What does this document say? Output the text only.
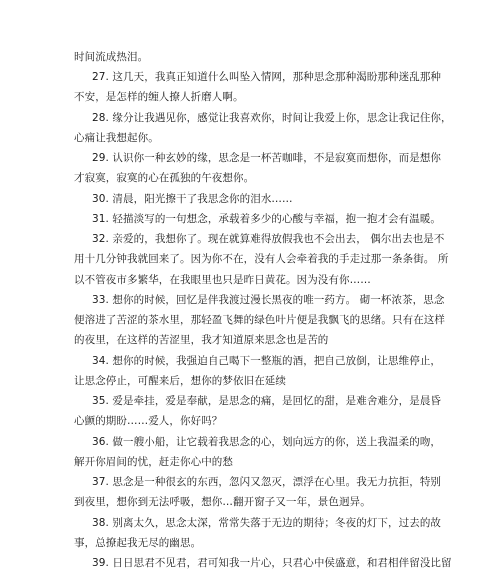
时间流成热泪。
27. 这几天，我真正知道什么叫坠入情网，那种思念那种渴盼那种迷乱那种
不安，是怎样的缠人撩人折磨人啊。
28. 缘分让我遇见你，感觉让我喜欢你，时间让我爱上你，思念让我记住你，
心痛让我想起你。
29. 认识你一种玄妙的缘，思念是一杯苦咖啡，不是寂寞而想你，而是想你
才寂寞，寂寞的心在孤独的午夜想你。
30. 清晨，阳光擦干了我思念你的泪水……
31. 轻描淡写的一句想念，承载着多少的心酸与幸福，抱一抱才会有温暖。
32. 亲爱的，我想你了。现在就算难得放假我也不会出去， 偶尔出去也是不
用十几分钟我就回来了。因为你不在，没有人会牵着我的手走过那一条条街。 所
以不管夜市多繁华，在我眼里也只是昨日黄花。因为没有你……
33. 想你的时候，回忆是伴我渡过漫长黑夜的唯一药方。 砌一杯浓茶，思念
便溶进了苦涩的茶水里，那轻盈飞舞的绿色叶片便是我飘飞的思绪。只有在这样
的夜里，在这样的苦涩里，我才知道原来思念也是苦的
34. 想你的时候，我强迫自己喝下一整瓶的酒，把自己放倒，让思维停止，
让思念停止，可醒来后，想你的梦依旧在延续
35. 爱是牵挂，爱是奉献，是思念的痛，是回忆的甜，是难舍难分，是晨昏
心颤的期盼……爱人，你好吗？
36. 做一艘小船，让它载着我思念的心，划向远方的你，送上我温柔的吻，
解开你眉间的忧，赶走你心中的愁
37. 思念是一种很玄的东西，忽闪又忽灭，漂浮在心里。我无力抗拒，特别
到夜里，想你到无法呼吸，想你…翻开窗子又一年，景色迥异。
38. 别离太久，思念太深，常常失落于无边的期待；冬夜的灯下，过去的故
事，总撩起我无尽的幽思。
39. 日日思君不见君，君可知我一片心，只君心中侯盛意，和君相伴留没比留
